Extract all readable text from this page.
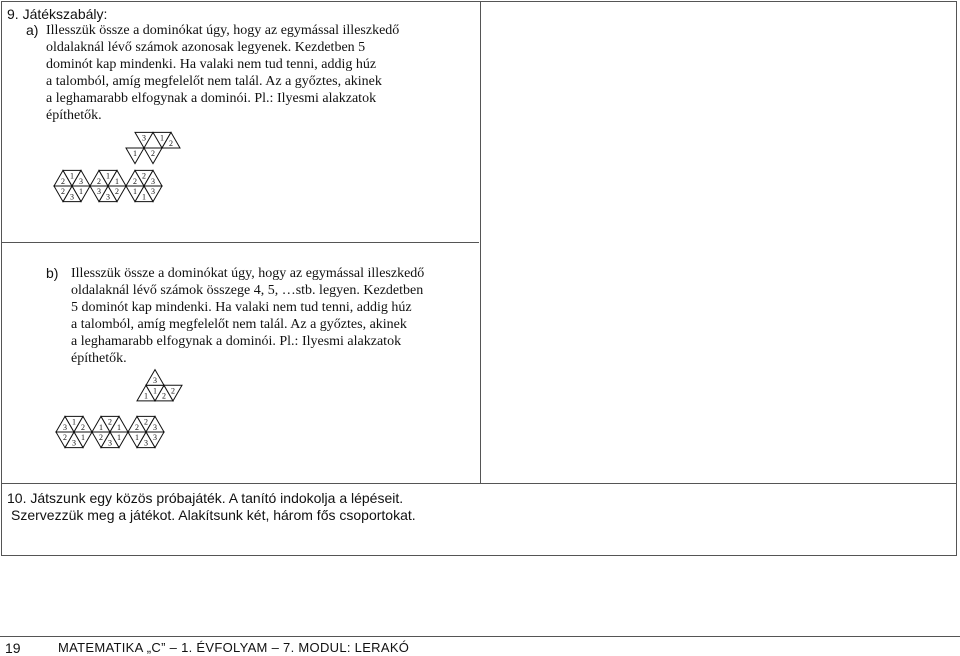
9. Játékszabály:
a) Illesszük össze a dominókat úgy, hogy az egymással illeszkedő
oldalaknál lévő számok azonosak legyenek. Kezdetben 5
dominót kap mindenki. Ha valaki nem tud tenni, addig húz
a talomból, amíg megfelelőt nem talál. Az a győztes, akinek
a leghamarabb elfogynak a dominói. Pl.: Ilyesmi alakzatok
építhetők.
1
3
2
2
1
3
2
3
3
2
1
1
3
1
1
2
2
3
1 2
3 1
2
b) Illesszük össze a dominókat úgy, hogy az egymással illeszkedő
oldalaknál lévő számok összege 4, 5, …stb. legyen. Kezdetben
5 dominót kap mindenki. Ha valaki nem tud tenni, addig húz
a talomból, amíg megfelelőt nem talál. Az a győztes, akinek
a leghamarabb elfogynak a dominói. Pl.: Ilyesmi alakzatok
építhetők.
1
3
2
3
1
2
1
3
2
1
2
1
3
3
1
2
2
3
1 2
1
3
2
10. Játszunk egy közös próbajáték. A tanító indokolja a lépéseit.
Szervezzük meg a játékot. Alakítsunk két, három fős csoportokat.
19	MATEMATIKA „C” – 1. ÉVFOLYAM – 7. MODUL: LERAKÓ
